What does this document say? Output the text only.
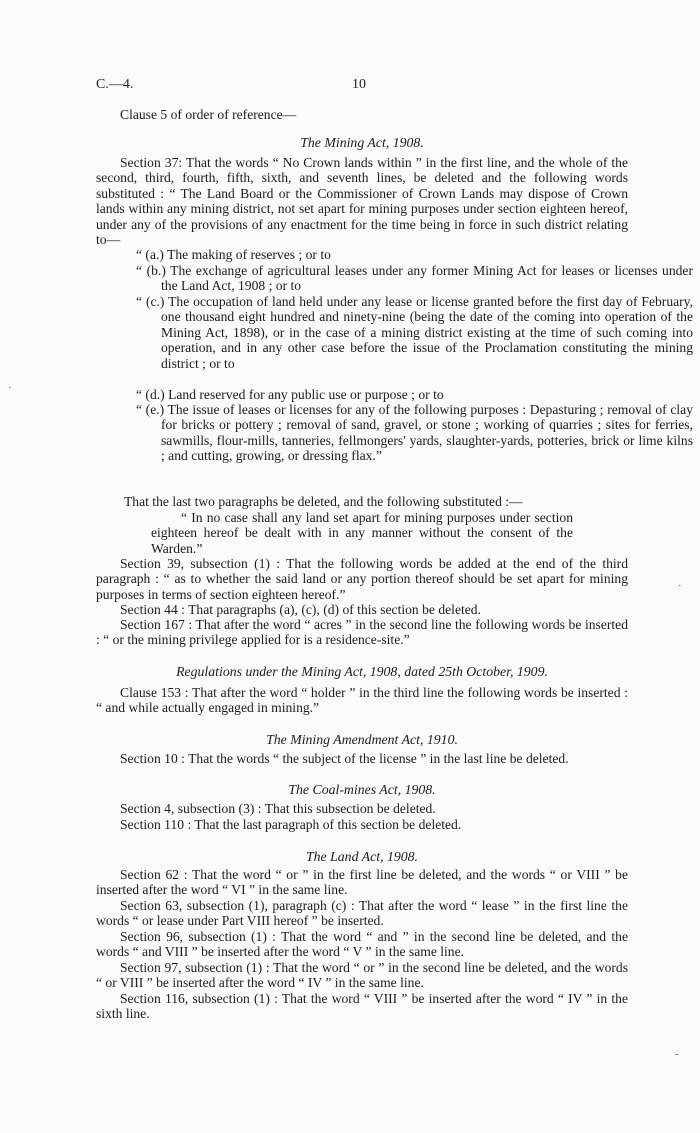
C.—4.	10

Clause 5 of order of reference—

The Mining Act, 1908.

Section 37: That the words “ No Crown lands within ” in the first line, and the whole of the second, third, fourth, fifth, sixth, and seventh lines, be deleted and the following words substituted : “ The Land Board or the Commissioner of Crown Lands may dispose of Crown lands within any mining district, not set apart for mining purposes under section eighteen hereof, under any of the provisions of any enactment for the time being in force in such district relating to—

“ (a.) The making of reserves ; or to

“ (b.) The exchange of agricultural leases under any former Mining Act for leases or licenses under the Land Act, 1908 ; or to

“ (c.) The occupation of land held under any lease or license granted before the first day of February, one thousand eight hundred and ninety-nine (being the date of the coming into operation of the Mining Act, 1898), or in the case of a mining district existing at the time of such coming into operation, and in any other case before the issue of the Proclamation constituting the mining district ; or to

“ (d.) Land reserved for any public use or purpose ; or to

“ (e.) The issue of leases or licenses for any of the following purposes : Depasturing ; removal of clay for bricks or pottery ; removal of sand, gravel, or stone ; working of quarries ; sites for ferries, sawmills, flour-mills, tanneries, fellmongers' yards, slaughter-yards, potteries, brick or lime kilns ; and cutting, growing, or dressing flax.”

That the last two paragraphs be deleted, and the following substituted :—

“ In no case shall any land set apart for mining purposes under section eighteen hereof be dealt with in any manner without the consent of the Warden.”

Section 39, subsection (1) : That the following words be added at the end of the third paragraph : “ as to whether the said land or any portion thereof should be set apart for mining purposes in terms of section eighteen hereof.”

Section 44 : That paragraphs (a), (c), (d) of this section be deleted.

Section 167 : That after the word “ acres ” in the second line the following words be inserted : “ or the mining privilege applied for is a residence-site.”

Regulations under the Mining Act, 1908, dated 25th October, 1909.

Clause 153 : That after the word “ holder ” in the third line the following words be inserted : “ and while actually engaged in mining.”

The Mining Amendment Act, 1910.

Section 10 : That the words “ the subject of the license ” in the last line be deleted.

The Coal-mines Act, 1908.

Section 4, subsection (3) : That this subsection be deleted.

Section 110 : That the last paragraph of this section be deleted.

The Land Act, 1908.

Section 62 : That the word “ or ” in the first line be deleted, and the words “ or VIII ” be inserted after the word “ VI ” in the same line.

Section 63, subsection (1), paragraph (c) : That after the word “ lease ” in the first line the words “ or lease under Part VIII hereof ” be inserted.

Section 96, subsection (1) : That the word “ and ” in the second line be deleted, and the words “ and VIII ” be inserted after the word “ V ” in the same line.

Section 97, subsection (1) : That the word “ or ” in the second line be deleted, and the words “ or VIII ” be inserted after the word “ IV ” in the same line.

Section 116, subsection (1) : That the word “ VIII ” be inserted after the word “ IV ” in the sixth line.

·
·
‐
